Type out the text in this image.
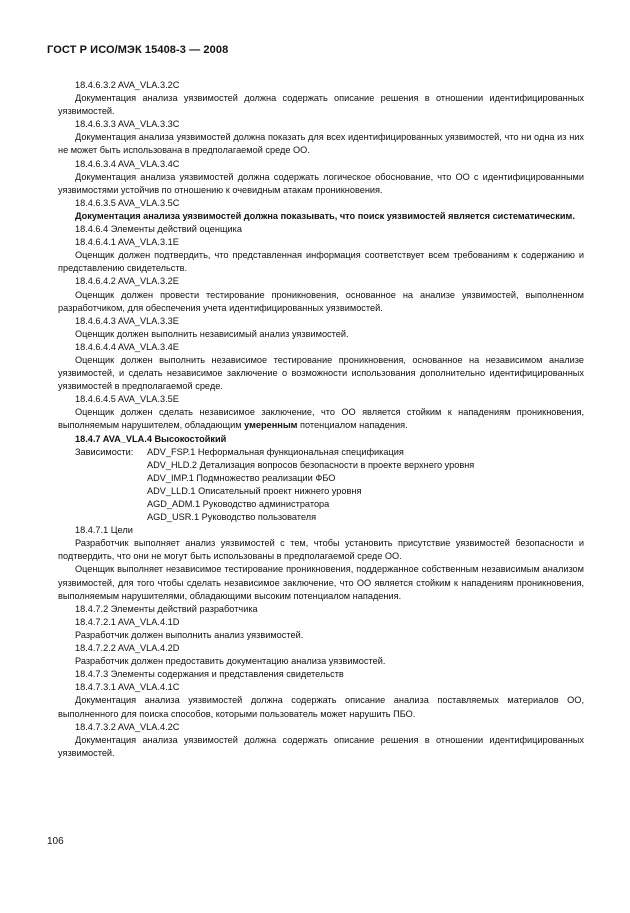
ГОСТ Р ИСО/МЭК 15408-3 — 2008

18.4.6.3.2 AVA_VLA.3.2C

Документация анализа уязвимостей должна содержать описание решения в отношении идентифицированных уязвимостей.

18.4.6.3.3 AVA_VLA.3.3C

Документация анализа уязвимостей должна показать для всех идентифицированных уязвимостей, что ни одна из них не может быть использована в предполагаемой среде ОО.

18.4.6.3.4 AVA_VLA.3.4C

Документация анализа уязвимостей должна содержать логическое обоснование, что ОО с идентифицированными уязвимостями устойчив по отношению к очевидным атакам проникновения.

18.4.6.3.5 AVA_VLA.3.5C

Документация анализа уязвимостей должна показывать, что поиск уязвимостей является систематическим.

18.4.6.4 Элементы действий оценщика

18.4.6.4.1 AVA_VLA.3.1E

Оценщик должен подтвердить, что представленная информация соответствует всем требованиям к содержанию и представлению свидетельств.

18.4.6.4.2 AVA_VLA.3.2E

Оценщик должен провести тестирование проникновения, основанное на анализе уязвимостей, выполненном разработчиком, для обеспечения учета идентифицированных уязвимостей.

18.4.6.4.3 AVA_VLA.3.3E

Оценщик должен выполнить независимый анализ уязвимостей.

18.4.6.4.4 AVA_VLA.3.4E

Оценщик должен выполнить независимое тестирование проникновения, основанное на независимом анализе уязвимостей, и сделать независимое заключение о возможности использования дополнительно идентифицированных уязвимостей в предполагаемой среде.

18.4.6.4.5 AVA_VLA.3.5E

Оценщик должен сделать независимое заключение, что ОО является стойким к нападениям проникновения, выполняемым нарушителем, обладающим умеренным потенциалом нападения.

18.4.7 AVA_VLA.4 Высокостойкий

Зависимости:	ADV_FSP.1 Неформальная функциональная спецификация

ADV_HLD.2 Детализация вопросов безопасности в проекте верхнего уровня

ADV_IMP.1 Подмножество реализации ФБО

ADV_LLD.1 Описательный проект нижнего уровня

AGD_ADM.1 Руководство администратора

AGD_USR.1 Руководство пользователя

18.4.7.1 Цели

Разработчик выполняет анализ уязвимостей с тем, чтобы установить присутствие уязвимостей безопасности и подтвердить, что они не могут быть использованы в предполагаемой среде ОО.

Оценщик выполняет независимое тестирование проникновения, поддержанное собственным независимым анализом уязвимостей, для того чтобы сделать независимое заключение, что ОО является стойким к нападениям проникновения, выполняемым нарушителями, обладающими высоким потенциалом нападения.

18.4.7.2 Элементы действий разработчика

18.4.7.2.1 AVA_VLA.4.1D

Разработчик должен выполнить анализ уязвимостей.

18.4.7.2.2 AVA_VLA.4.2D

Разработчик должен предоставить документацию анализа уязвимостей.

18.4.7.3 Элементы содержания и представления свидетельств

18.4.7.3.1 AVA_VLA.4.1C

Документация анализа уязвимостей должна содержать описание анализа поставляемых материалов ОО, выполненного для поиска способов, которыми пользователь может нарушить ПБО.

18.4.7.3.2 AVA_VLA.4.2C

Документация анализа уязвимостей должна содержать описание решения в отношении идентифицированных уязвимостей.

106
